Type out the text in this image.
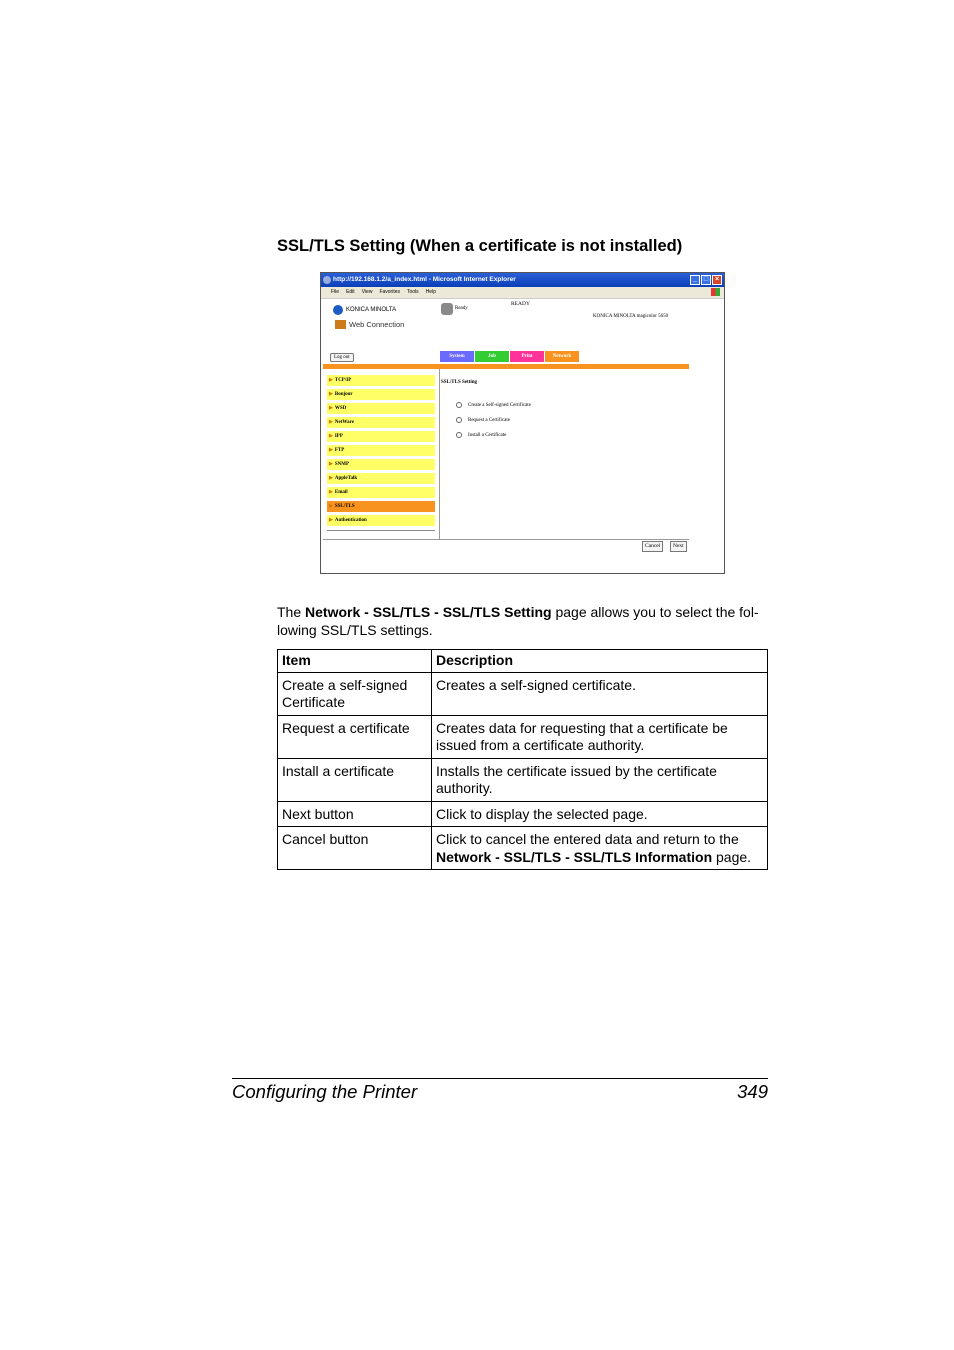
SSL/TLS Setting (When a certificate is not installed)
http://192.168.1.2/a_index.html - Microsoft Internet Explorer	_ □ ×
File Edit View Favorites Tools Help
KONICA MINOLTA
Web Connection
Ready
READY
KONICA MINOLTA magicolor 5650
Log out	System	Job	Print	Network
▶ TCP/IP
▶ Bonjour
▶ WSD
▶ NetWare
▶ IPP
▶ FTP
▶ SNMP
▶ AppleTalk
▶ Email
▶ SSL/TLS
▶ Authentication
SSL/TLS Setting
Create a Self-signed Certificate
Request a Certificate
Install a Certificate
Cancel	Next

The Network - SSL/TLS - SSL/TLS Setting page allows you to select the fol-lowing SSL/TLS settings.

Item	Description
Create a self-signed Certificate	Creates a self-signed certificate.
Request a certificate	Creates data for requesting that a certificate be issued from a certificate authority.
Install a certificate	Installs the certificate issued by the certificate authority.
Next button	Click to display the selected page.
Cancel button	Click to cancel the entered data and return to the Network - SSL/TLS - SSL/TLS Information page.
Configuring the Printer	349
